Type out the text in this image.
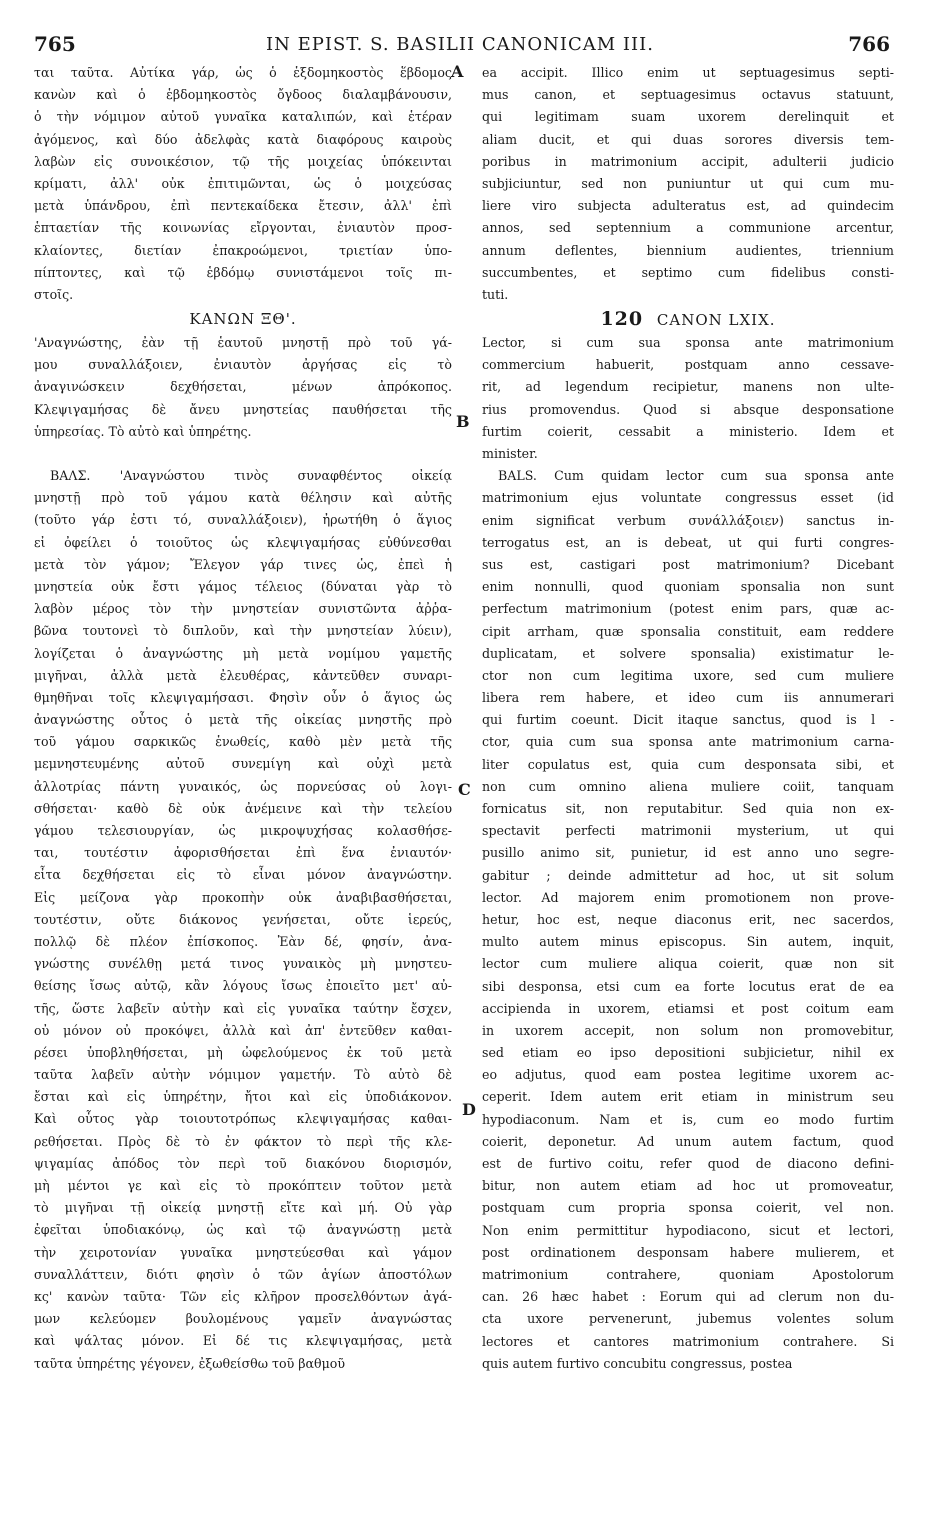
765	IN EPIST. S. BASILII CANONICAM III.	766
A
B
C
D
ται ταῦτα. Αὐτίκα γάρ, ὡς ὁ ἑξδομηκοστὸς ἕβδομος
κανὼν καὶ ὁ ἑβδομηκοστὸς ὄγδοος διαλαμβάνουσιν,
ὁ τὴν νόμιμον αὐτοῦ γυναῖκα καταλιπών, καὶ ἑτέραν
ἀγόμενος, καὶ δύο ἀδελφὰς κατὰ διαφόρους καιροὺς
λαβὼν εἰς συνοικέσιον, τῷ τῆς μοιχείας ὑπόκεινται
κρίματι, ἀλλ' οὐκ ἐπιτιμῶνται, ὡς ὁ μοιχεύσας
μετὰ ὑπάνδρου, ἐπὶ πεντεκαίδεκα ἔτεσιν, ἀλλ' ἐπὶ
ἑπταετίαν τῆς κοινωνίας εἴργονται, ἐνιαυτὸν προσ-
κλαίοντες, διετίαν ἐπακροώμενοι, τριετίαν ὑπο-
πίπτοντες, καὶ τῷ ἑβδόμῳ συνιστάμενοι τοῖς πι-
στοῖς.
ΚΑΝΩΝ ΞΘ'.
'Αναγνώστης, ἐὰν τῇ ἑαυτοῦ μνηστῇ πρὸ τοῦ γά-
μου συναλλάξοιεν, ἐνιαυτὸν ἀργήσας εἰς τὸ
ἀναγινώσκειν δεχθήσεται, μένων ἀπρόκοπος.
Κλεψιγαμήσας δὲ ἄνευ μνηστείας παυθήσεται τῆς
ὑπηρεσίας. Τὸ αὐτὸ καὶ ὑπηρέτης.
ΒΑΛΣ. 'Αναγνώστου τινὸς συναφθέντος οἰκείᾳ
μνηστῇ πρὸ τοῦ γάμου κατὰ θέλησιν καὶ αὐτῆς
(τοῦτο γάρ ἐστι τό, συναλλάξοιεν), ἠρωτήθη ὁ ἅγιος
εἰ ὀφείλει ὁ τοιοῦτος ὡς κλεψιγαμήσας εὐθύνεσθαι
μετὰ τὸν γάμον; Ἔλεγον γάρ τινες ὡς, ἐπεὶ ἡ
μνηστεία οὐκ ἔστι γάμος τέλειος (δύναται γὰρ τὸ
λαβὸν μέρος τὸν τὴν μνηστείαν συνιστῶντα ἀῤῥα-
βῶνα τουτονεὶ τὸ διπλοῦν, καὶ τὴν μνηστείαν λύειν),
λογίζεται ὁ ἀναγνώστης μὴ μετὰ νομίμου γαμετῆς
μιγῆναι, ἀλλὰ μετὰ ἐλευθέρας, κἀντεῦθεν συναρι-
θμηθῆναι τοῖς κλεψιγαμήσασι. Φησὶν οὖν ὁ ἅγιος ὡς
ἀναγνώστης οὗτος ὁ μετὰ τῆς οἰκείας μνηστῆς πρὸ
τοῦ γάμου σαρκικῶς ἑνωθείς, καθὸ μὲν μετὰ τῆς
μεμνηστευμένης αὐτοῦ συνεμίγη καὶ οὐχὶ μετὰ
ἀλλοτρίας πάντη γυναικός, ὡς πορνεύσας οὐ λογι-
σθήσεται· καθὸ δὲ οὐκ ἀνέμεινε καὶ τὴν τελείου
γάμου τελεσιουργίαν, ὡς μικροψυχήσας κολασθήσε-
ται, τουτέστιν ἀφορισθήσεται ἐπὶ ἕνα ἐνιαυτόν·
εἶτα δεχθήσεται εἰς τὸ εἶναι μόνον ἀναγνώστην.
Εἰς μείζονα γὰρ προκοπὴν οὐκ ἀναβιβασθήσεται,
τουτέστιν, οὔτε διάκονος γενήσεται, οὔτε ἱερεύς,
πολλῷ δὲ πλέον ἐπίσκοπος. Ἐὰν δέ, φησίν, ἀνα-
γνώστης συνέλθῃ μετά τινος γυναικὸς μὴ μνηστευ-
θείσης ἴσως αὐτῷ, κἂν λόγους ἴσως ἐποιεῖτο μετ' αὐ-
τῆς, ὥστε λαβεῖν αὐτὴν καὶ εἰς γυναῖκα ταύτην ἔσχεν,
οὐ μόνον οὐ προκόψει, ἀλλὰ καὶ ἀπ' ἐντεῦθεν καθαι-
ρέσει ὑποβληθήσεται, μὴ ὠφελούμενος ἐκ τοῦ μετὰ
ταῦτα λαβεῖν αὐτὴν νόμιμον γαμετήν. Τὸ αὐτὸ δὲ
ἔσται καὶ εἰς ὑπηρέτην, ἤτοι καὶ εἰς ὑποδιάκονον.
Καὶ οὗτος γὰρ τοιουτοτρόπως κλεψιγαμήσας καθαι-
ρεθήσεται. Πρὸς δὲ τὸ ἐν φάκτον τὸ περὶ τῆς κλε-
ψιγαμίας ἀπόδος τὸν περὶ τοῦ διακόνου διορισμόν,
μὴ μέντοι γε καὶ εἰς τὸ προκόπτειν τοῦτον μετὰ
τὸ μιγῆναι τῇ οἰκείᾳ μνηστῇ εἴτε καὶ μή. Οὐ γὰρ
ἐφεῖται ὑποδιακόνῳ, ὡς καὶ τῷ ἀναγνώστῃ μετὰ
τὴν χειροτονίαν γυναῖκα μνηστεύεσθαι καὶ γάμον
συναλλάττειν, διότι φησὶν ὁ τῶν ἁγίων ἀποστόλων
κς' κανὼν ταῦτα· Τῶν εἰς κλῆρον προσελθόντων ἀγά-
μων κελεύομεν βουλομένους γαμεῖν ἀναγνώστας
καὶ ψάλτας μόνον. Εἰ δέ τις κλεψιγαμήσας, μετὰ
ταῦτα ὑπηρέτης γέγονεν, ἐξωθείσθω τοῦ βαθμοῦ
ea accipit. Illico enim ut septuagesimus septi-
mus canon, et septuagesimus octavus statuunt,
qui legitimam suam uxorem derelinquit et
aliam ducit, et qui duas sorores diversis tem-
poribus in matrimonium accipit, adulterii judicio
subjiciuntur, sed non puniuntur ut qui cum mu-
liere viro subjecta adulteratus est, ad quindecim
annos, sed septennium a communione arcentur,
annum deflentes, biennium audientes, triennium
succumbentes, et septimo cum fidelibus consti-
tuti.
120 CANON LXIX.
Lector, si cum sua sponsa ante matrimonium
commercium habuerit, postquam anno cessave-
rit, ad legendum recipietur, manens non ulte-
rius promovendus. Quod si absque desponsatione
furtim coierit, cessabit a ministerio. Idem et
minister.
BALS. Cum quidam lector cum sua sponsa ante
matrimonium ejus voluntate congressus esset (id
enim significat verbum συνάλλάξοιεν) sanctus in-
terrogatus est, an is debeat, ut qui furti congres-
sus est, castigari post matrimonium? Dicebant
enim nonnulli, quod quoniam sponsalia non sunt
perfectum matrimonium (potest enim pars, quæ ac-
cipit arrham, quæ sponsalia constituit, eam reddere
duplicatam, et solvere sponsalia) existimatur le-
ctor non cum legitima uxore, sed cum muliere
libera rem habere, et ideo cum iis annumerari
qui furtim coeunt. Dicit itaque sanctus, quod is l -
ctor, quia cum sua sponsa ante matrimonium carna-
liter copulatus est, quia cum desponsata sibi, et
non cum omnino aliena muliere coiit, tanquam
fornicatus sit, non reputabitur. Sed quia non ex-
spectavit perfecti matrimonii mysterium, ut qui
pusillo animo sit, punietur, id est anno uno segre-
gabitur ; deinde admittetur ad hoc, ut sit solum
lector. Ad majorem enim promotionem non prove-
hetur, hoc est, neque diaconus erit, nec sacerdos,
multo autem minus episcopus. Sin autem, inquit,
lector cum muliere aliqua coierit, quæ non sit
sibi desponsa, etsi cum ea forte locutus erat de ea
accipienda in uxorem, etiamsi et post coitum eam
in uxorem accepit, non solum non promovebitur,
sed etiam eo ipso depositioni subjicietur, nihil ex
eo adjutus, quod eam postea legitime uxorem ac-
ceperit. Idem autem erit etiam in ministrum seu
hypodiaconum. Nam et is, cum eo modo furtim
coierit, deponetur. Ad unum autem factum, quod
est de furtivo coitu, refer quod de diacono defini-
bitur, non autem etiam ad hoc ut promoveatur,
postquam cum propria sponsa coierit, vel non.
Non enim permittitur hypodiacono, sicut et lectori,
post ordinationem desponsam habere mulierem, et
matrimonium contrahere, quoniam Apostolorum
can. 26 hæc habet : Eorum qui ad clerum non du-
cta uxore pervenerunt, jubemus volentes solum
lectores et cantores matrimonium contrahere. Si
quis autem furtivo concubitu congressus, postea
